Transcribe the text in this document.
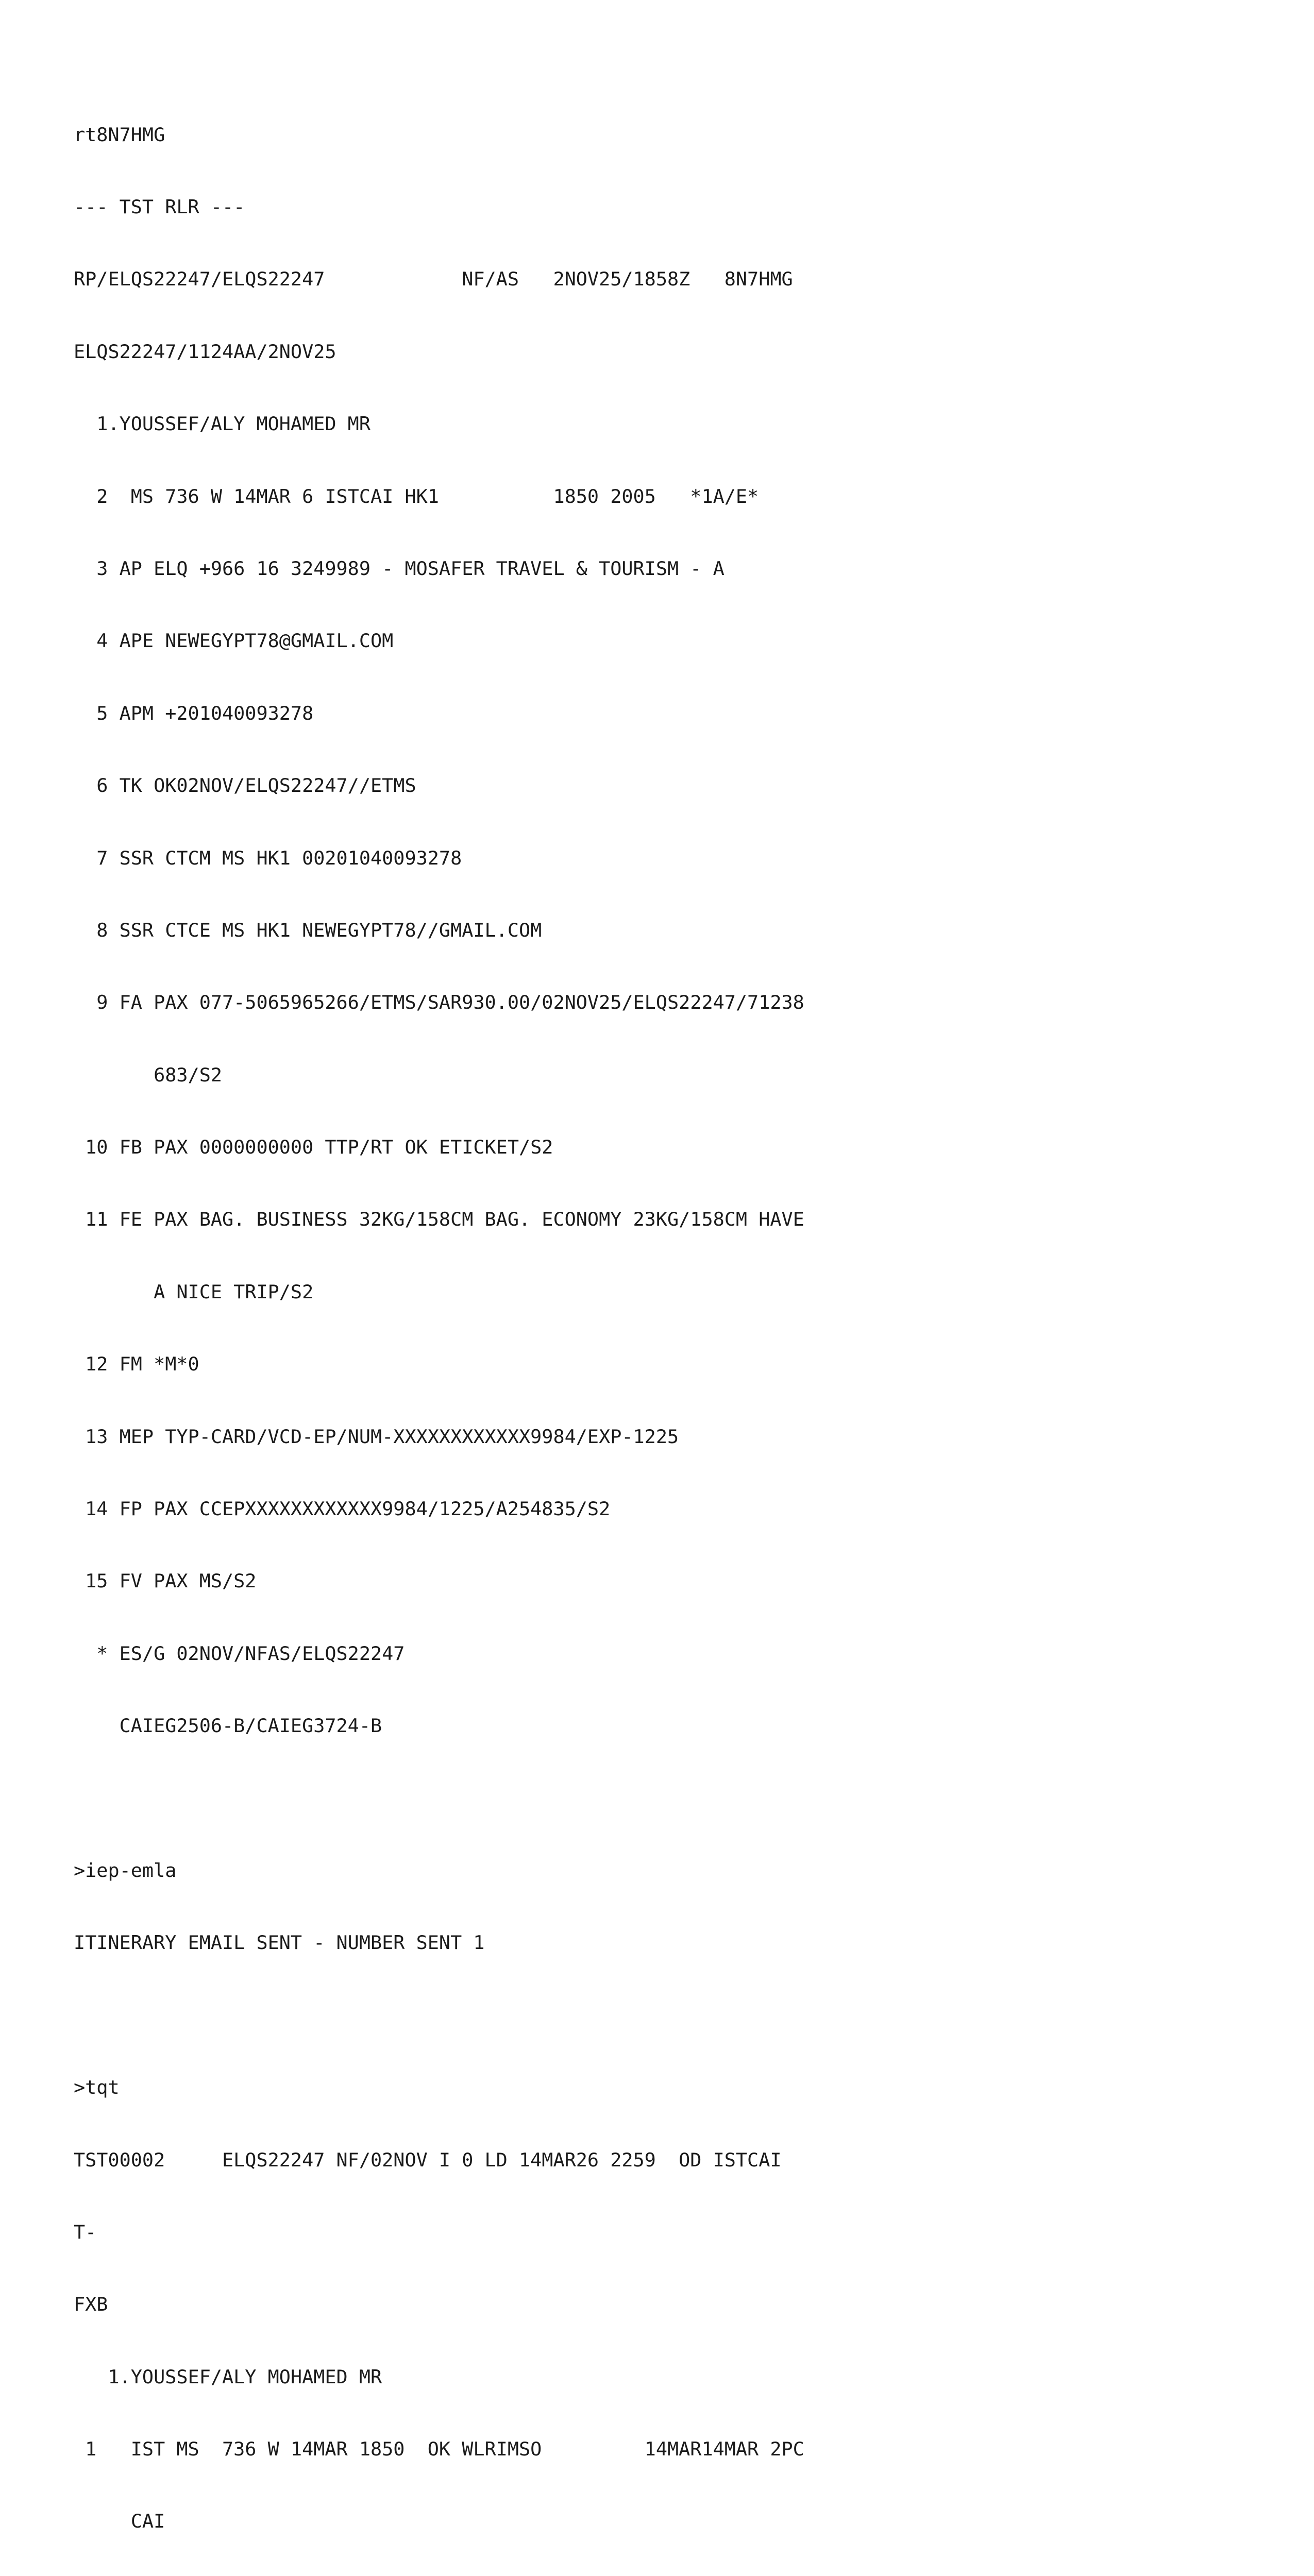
rt8N7HMG

--- TST RLR ---

RP/ELQS22247/ELQS22247            NF/AS   2NOV25/1858Z   8N7HMG

ELQS22247/1124AA/2NOV25

1.YOUSSEF/ALY MOHAMED MR

2  MS 736 W 14MAR 6 ISTCAI HK1          1850 2005   *1A/E*

3 AP ELQ +966 16 3249989 - MOSAFER TRAVEL & TOURISM - A

4 APE NEWEGYPT78@GMAIL.COM

5 APM +201040093278

6 TK OK02NOV/ELQS22247//ETMS

7 SSR CTCM MS HK1 00201040093278

8 SSR CTCE MS HK1 NEWEGYPT78//GMAIL.COM

9 FA PAX 077-5065965266/ETMS/SAR930.00/02NOV25/ELQS22247/71238

683/S2

10 FB PAX 0000000000 TTP/RT OK ETICKET/S2

11 FE PAX BAG. BUSINESS 32KG/158CM BAG. ECONOMY 23KG/158CM HAVE

A NICE TRIP/S2

12 FM *M*0

13 MEP TYP-CARD/VCD-EP/NUM-XXXXXXXXXXXX9984/EXP-1225

14 FP PAX CCEPXXXXXXXXXXXX9984/1225/A254835/S2

15 FV PAX MS/S2

* ES/G 02NOV/NFAS/ELQS22247

CAIEG2506-B/CAIEG3724-B

>iep-emla

ITINERARY EMAIL SENT - NUMBER SENT 1

>tqt

TST00002     ELQS22247 NF/02NOV I 0 LD 14MAR26 2259  OD ISTCAI

T-

FXB

1.YOUSSEF/ALY MOHAMED MR

1   IST MS  736 W 14MAR 1850  OK WLRIMSO         14MAR14MAR 2PC

CAI
